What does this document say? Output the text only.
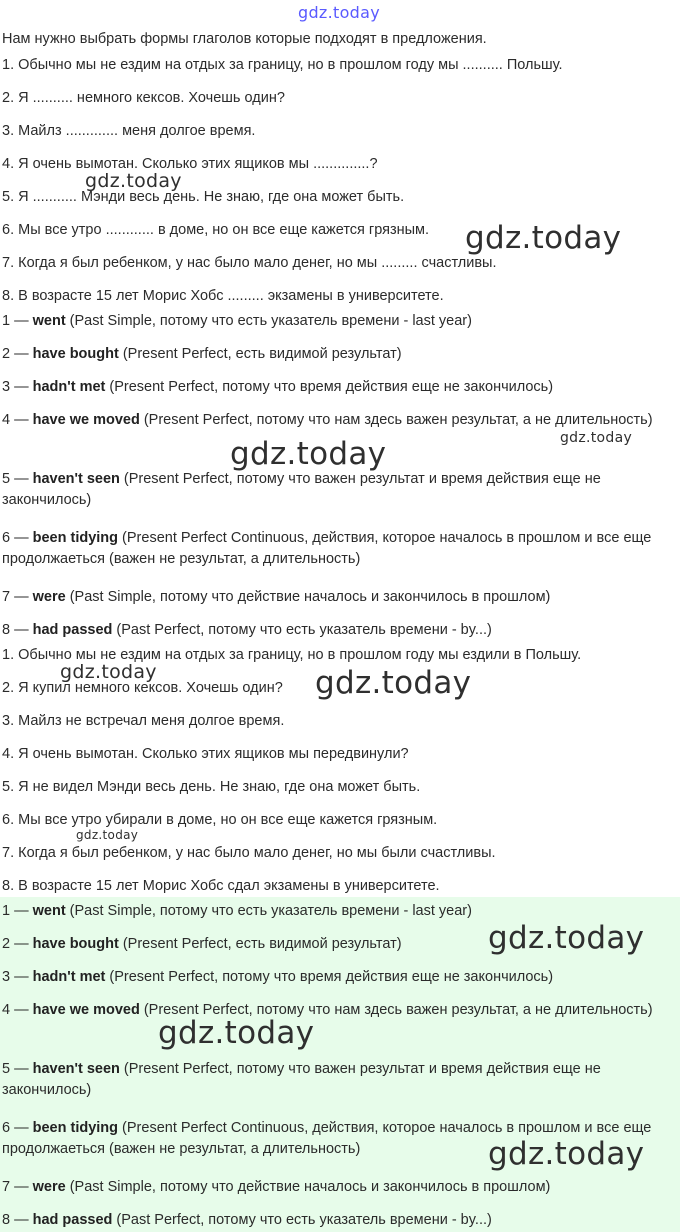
gdz.today
Нам нужно выбрать формы глаголов которые подходят в предложения.
1. Обычно мы не ездим на отдых за границу, но в прошлом году мы .......... Польшу.
2. Я .......... немного кексов. Хочешь один?
3. Майлз ............. меня долгое время.
4. Я очень вымотан. Сколько этих ящиков мы ..............?
5. Я ........... Мэнди весь день. Не знаю, где она может быть.
6. Мы все утро ............ в доме, но он все еще кажется грязным.
7. Когда я был ребенком, у нас было мало денег, но мы ......... счастливы.
8. В возрасте 15 лет Морис Хобс ......... экзамены в университете.
1 — went (Past Simple, потому что есть указатель времени - last year)
2 — have bought (Present Perfect, есть видимой результат)
3 — hadn't met (Present Perfect, потому что время действия еще не закончилось)
4 — have we moved (Present Perfect, потому что нам здесь важен результат, а не длительность)
5 — haven't seen (Present Perfect, потому что важен результат и время действия еще не закончилось)
6 — been tidying (Present Perfect Continuous, действия, которое началось в прошлом и все еще продолжаеться (важен не результат, а длительность)
7 — were (Past Simple, потому что действие началось и закончилось в прошлом)
8 — had passed (Past Perfect, потому что есть указатель времени - by...)
1. Обычно мы не ездим на отдых за границу, но в прошлом году мы ездили в Польшу.
2. Я купил немного кексов. Хочешь один?
3. Майлз не встречал меня долгое время.
4. Я очень вымотан. Сколько этих ящиков мы передвинули?
5. Я не видел Мэнди весь день. Не знаю, где она может быть.
6. Мы все утро убирали в доме, но он все еще кажется грязным.
7. Когда я был ребенком, у нас было мало денег, но мы были счастливы.
8. В возрасте 15 лет Морис Хобс сдал экзамены в университете.
1 — went (Past Simple, потому что есть указатель времени - last year)
2 — have bought (Present Perfect, есть видимой результат)
3 — hadn't met (Present Perfect, потому что время действия еще не закончилось)
4 — have we moved (Present Perfect, потому что нам здесь важен результат, а не длительность)
5 — haven't seen (Present Perfect, потому что важен результат и время действия еще не закончилось)
6 — been tidying (Present Perfect Continuous, действия, которое началось в прошлом и все еще продолжаеться (важен не результат, а длительность)
7 — were (Past Simple, потому что действие началось и закончилось в прошлом)
8 — had passed (Past Perfect, потому что есть указатель времени - by...)
gdz.today
gdz.today
gdz.today
gdz.today
gdz.today	gdz.today
gdz.today
gdz.today
gdz.today
gdz.today
